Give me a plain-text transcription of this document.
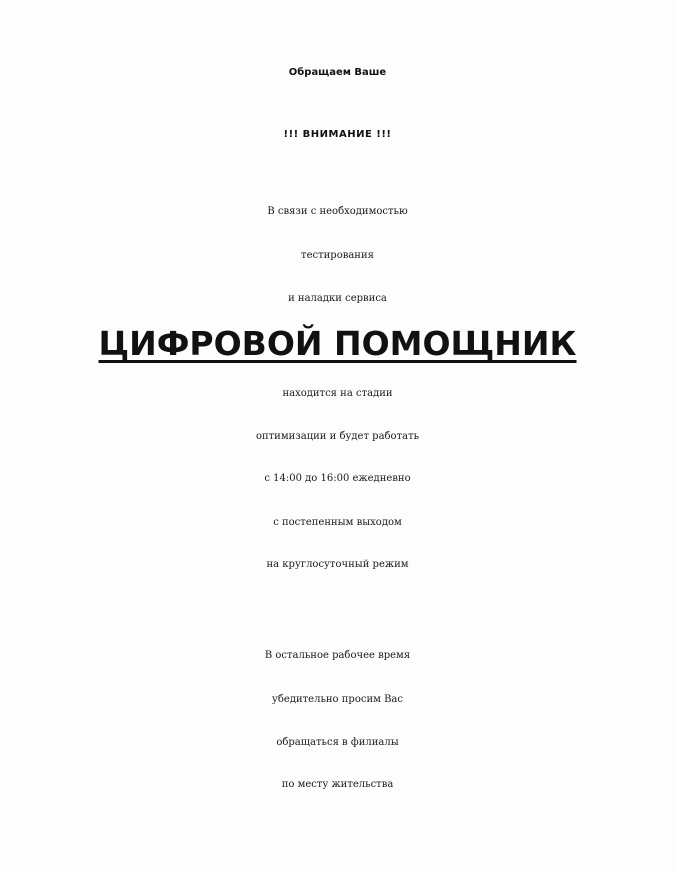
Обращаем Ваше
!!! ВНИМАНИЕ !!!
В связи с необходимостью
тестирования
и наладки сервиса
ЦИФРОВОЙ ПОМОЩНИК
находится на стадии
оптимизации и будет работать
с 14:00 до 16:00 ежедневно
с постепенным выходом
на круглосуточный режим
В остальное рабочее время
убедительно просим Вас
обращаться в филиалы
по месту жительства
